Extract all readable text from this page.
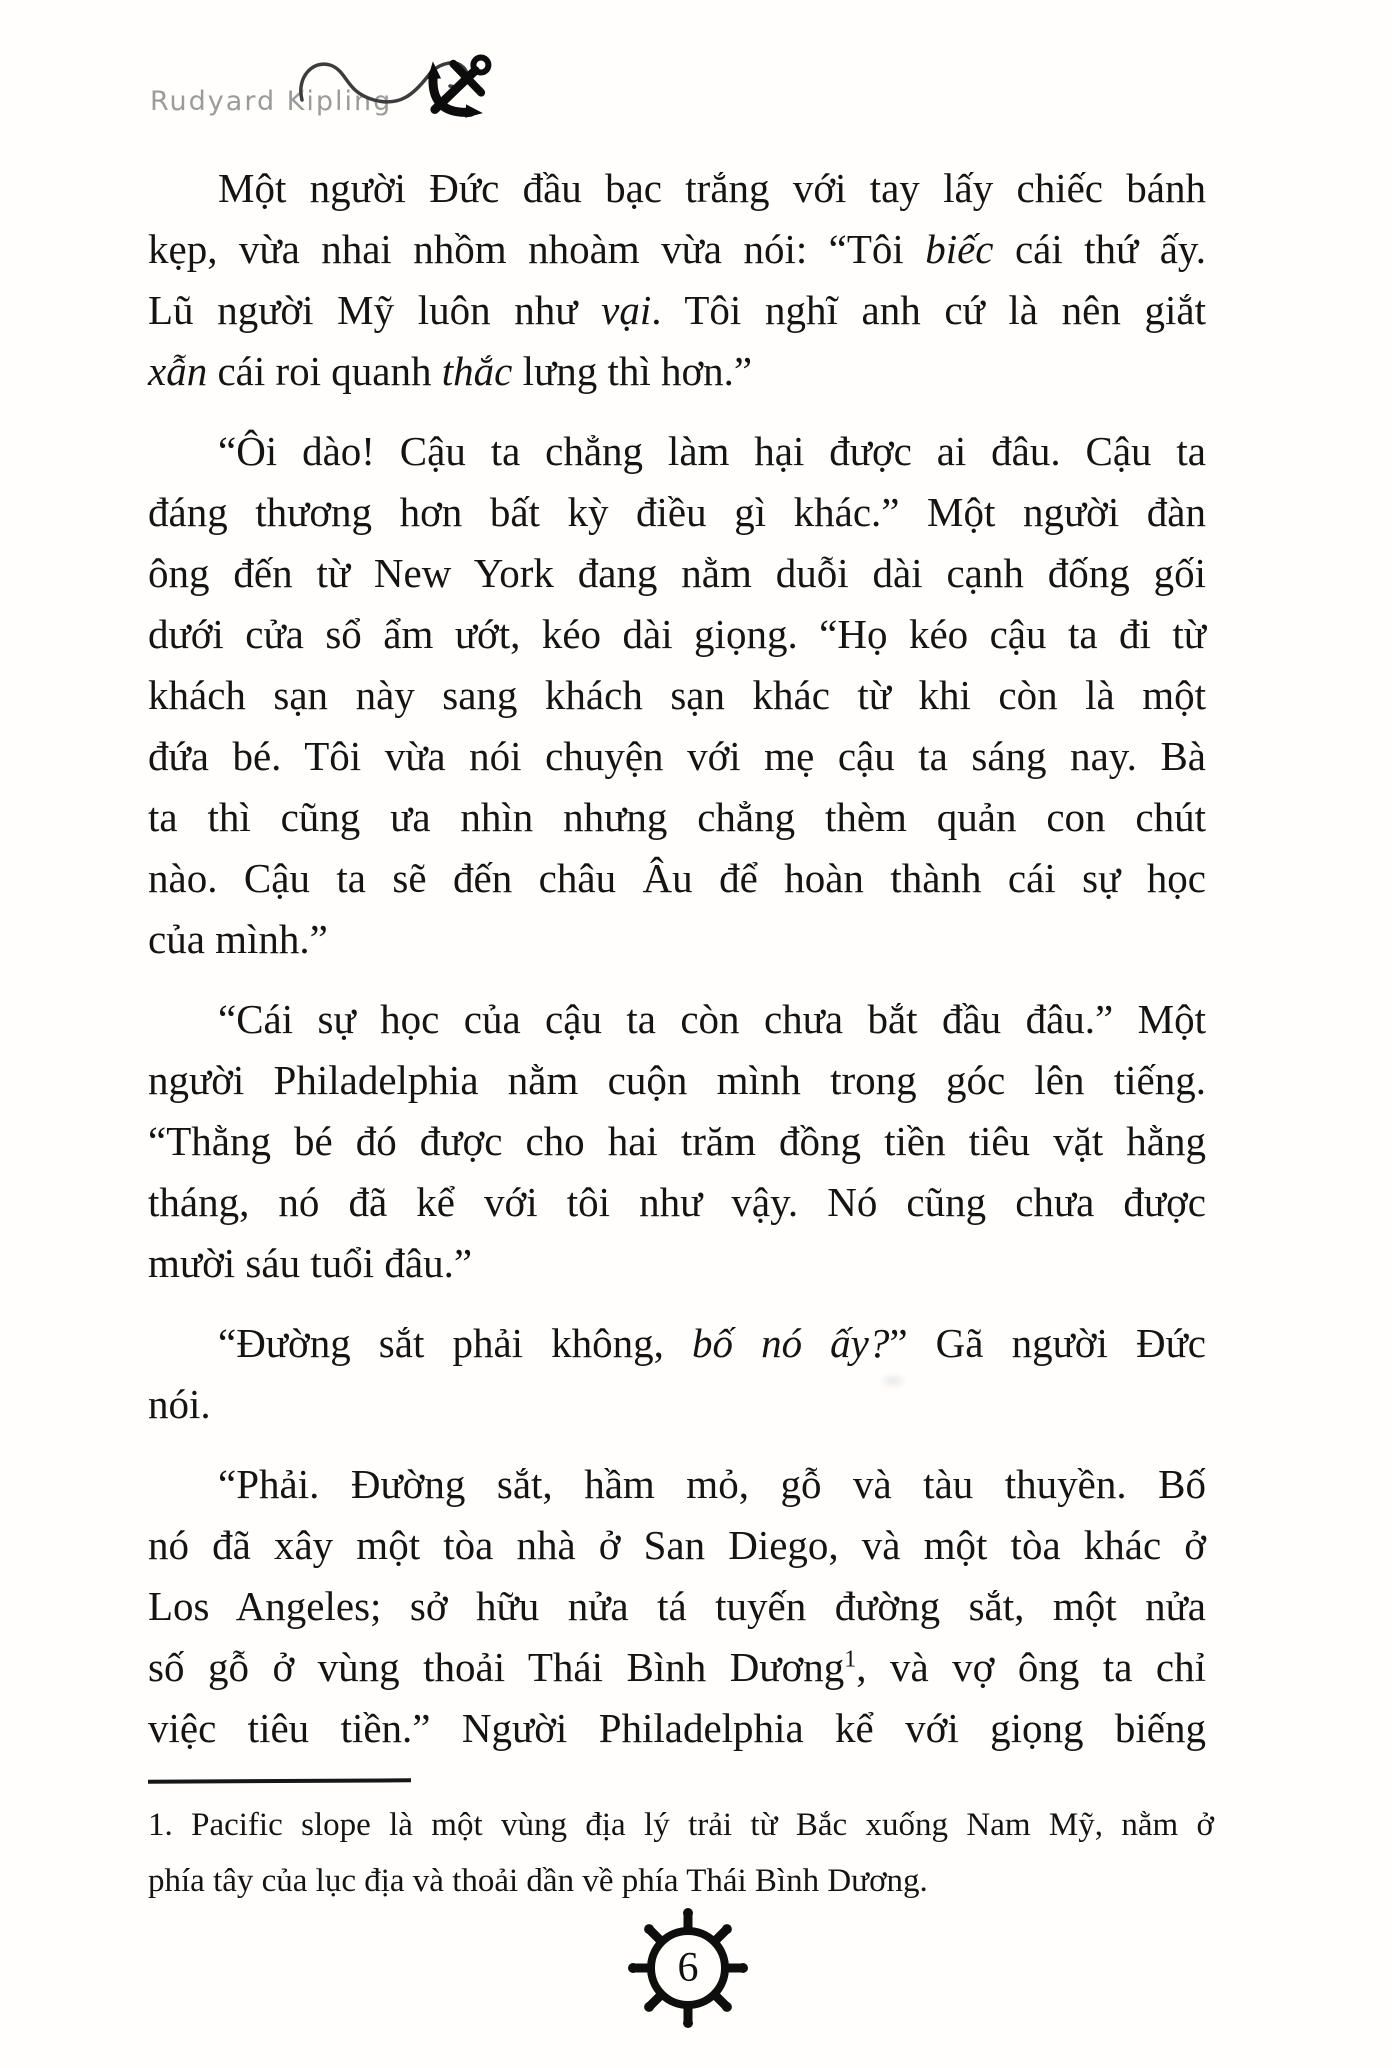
Rudyard Kipling
Một người Đức đầu bạc trắng với tay lấy chiếc bánh
kẹp, vừa nhai nhồm nhoàm vừa nói: “Tôi biếc cái thứ ấy.
Lũ người Mỹ luôn như vại. Tôi nghĩ anh cứ là nên giắt
xẫn cái roi quanh thắc lưng thì hơn.”
“Ôi dào! Cậu ta chẳng làm hại được ai đâu. Cậu ta
đáng thương hơn bất kỳ điều gì khác.” Một người đàn
ông đến từ New York đang nằm duỗi dài cạnh đống gối
dưới cửa sổ ẩm ướt, kéo dài giọng. “Họ kéo cậu ta đi từ
khách sạn này sang khách sạn khác từ khi còn là một
đứa bé. Tôi vừa nói chuyện với mẹ cậu ta sáng nay. Bà
ta thì cũng ưa nhìn nhưng chẳng thèm quản con chút
nào. Cậu ta sẽ đến châu Âu để hoàn thành cái sự học
của mình.”
“Cái sự học của cậu ta còn chưa bắt đầu đâu.” Một
người Philadelphia nằm cuộn mình trong góc lên tiếng.
“Thằng bé đó được cho hai trăm đồng tiền tiêu vặt hằng
tháng, nó đã kể với tôi như vậy. Nó cũng chưa được
mười sáu tuổi đâu.”
“Đường sắt phải không, bố nó ấy?” Gã người Đức
nói.
“Phải. Đường sắt, hầm mỏ, gỗ và tàu thuyền. Bố
nó đã xây một tòa nhà ở San Diego, và một tòa khác ở
Los Angeles; sở hữu nửa tá tuyến đường sắt, một nửa
số gỗ ở vùng thoải Thái Bình Dương$^1$, và vợ ông ta chỉ
việc tiêu tiền.” Người Philadelphia kể với giọng biếng
1. Pacific slope là một vùng địa lý trải từ Bắc xuống Nam Mỹ, nằm ở
phía tây của lục địa và thoải dần về phía Thái Bình Dương.
6
